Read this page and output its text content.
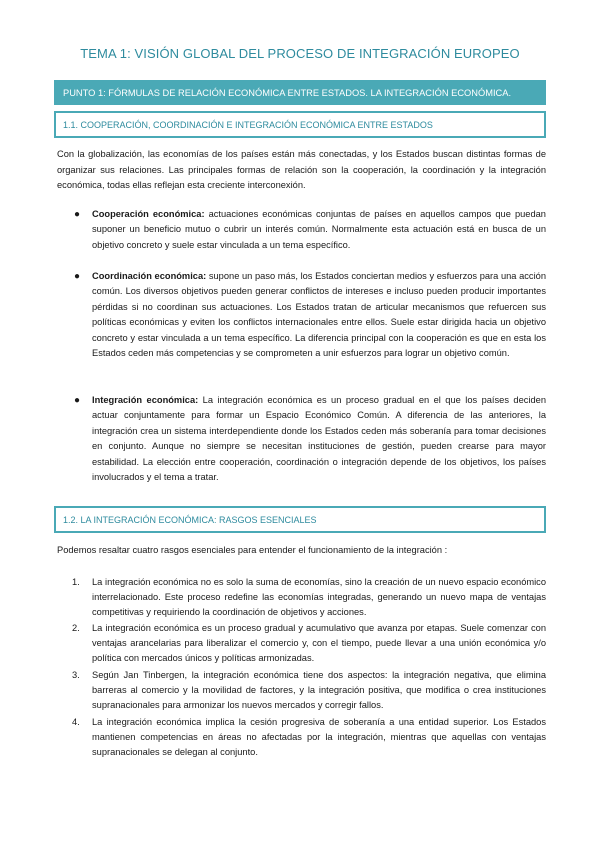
TEMA 1: VISIÓN GLOBAL DEL PROCESO DE INTEGRACIÓN EUROPEO
PUNTO 1: FÓRMULAS DE RELACIÓN ECONÓMICA ENTRE ESTADOS. LA INTEGRACIÓN ECONÓMICA.
1.1. COOPERACIÓN, COORDINACIÓN E INTEGRACIÓN ECONÓMICA ENTRE ESTADOS

Con la globalización, las economías de los países están más conectadas, y los Estados buscan distintas formas de organizar sus relaciones. Las principales formas de relación son la cooperación, la coordinación y la integración económica, todas ellas reflejan esta creciente interconexión.

● Cooperación económica: actuaciones económicas conjuntas de países en aquellos campos que puedan suponer un beneficio mutuo o cubrir un interés común. Normalmente esta actuación está en busca de un objetivo concreto y suele estar vinculada a un tema específico.
● Coordinación económica: supone un paso más, los Estados conciertan medios y esfuerzos para una acción común. Los diversos objetivos pueden generar conflictos de intereses e incluso pueden producir importantes pérdidas si no coordinan sus actuaciones. Los Estados tratan de articular mecanismos que refuercen sus políticas económicas y eviten los conflictos internacionales entre ellos. Suele estar dirigida hacia un objetivo concreto y estar vinculada a un tema específico. La diferencia principal con la cooperación es que en esta los Estados ceden más competencias y se comprometen a unir esfuerzos para lograr un objetivo común.
● Integración económica: La integración económica es un proceso gradual en el que los países deciden actuar conjuntamente para formar un Espacio Económico Común. A diferencia de las anteriores, la integración crea un sistema interdependiente donde los Estados ceden más soberanía para tomar decisiones en conjunto. Aunque no siempre se necesitan instituciones de gestión, pueden crearse para mayor estabilidad. La elección entre cooperación, coordinación o integración depende de los objetivos, los países involucrados y el tema a tratar.
1.2. LA INTEGRACIÓN ECONÓMICA: RASGOS ESENCIALES

Podemos resaltar cuatro rasgos esenciales para entender el funcionamiento de la integración :

1. La integración económica no es solo la suma de economías, sino la creación de un nuevo espacio económico interrelacionado. Este proceso redefine las economías integradas, generando un nuevo mapa de ventajas competitivas y requiriendo la coordinación de objetivos y acciones.
2. La integración económica es un proceso gradual y acumulativo que avanza por etapas. Suele comenzar con ventajas arancelarias para liberalizar el comercio y, con el tiempo, puede llevar a una unión económica y/o política con mercados únicos y políticas armonizadas.
3. Según Jan Tinbergen, la integración económica tiene dos aspectos: la integración negativa, que elimina barreras al comercio y la movilidad de factores, y la integración positiva, que modifica o crea instituciones supranacionales para armonizar los nuevos mercados y corregir fallos.
4. La integración económica implica la cesión progresiva de soberanía a una entidad superior. Los Estados mantienen competencias en áreas no afectadas por la integración, mientras que aquellas con ventajas supranacionales se delegan al conjunto.
